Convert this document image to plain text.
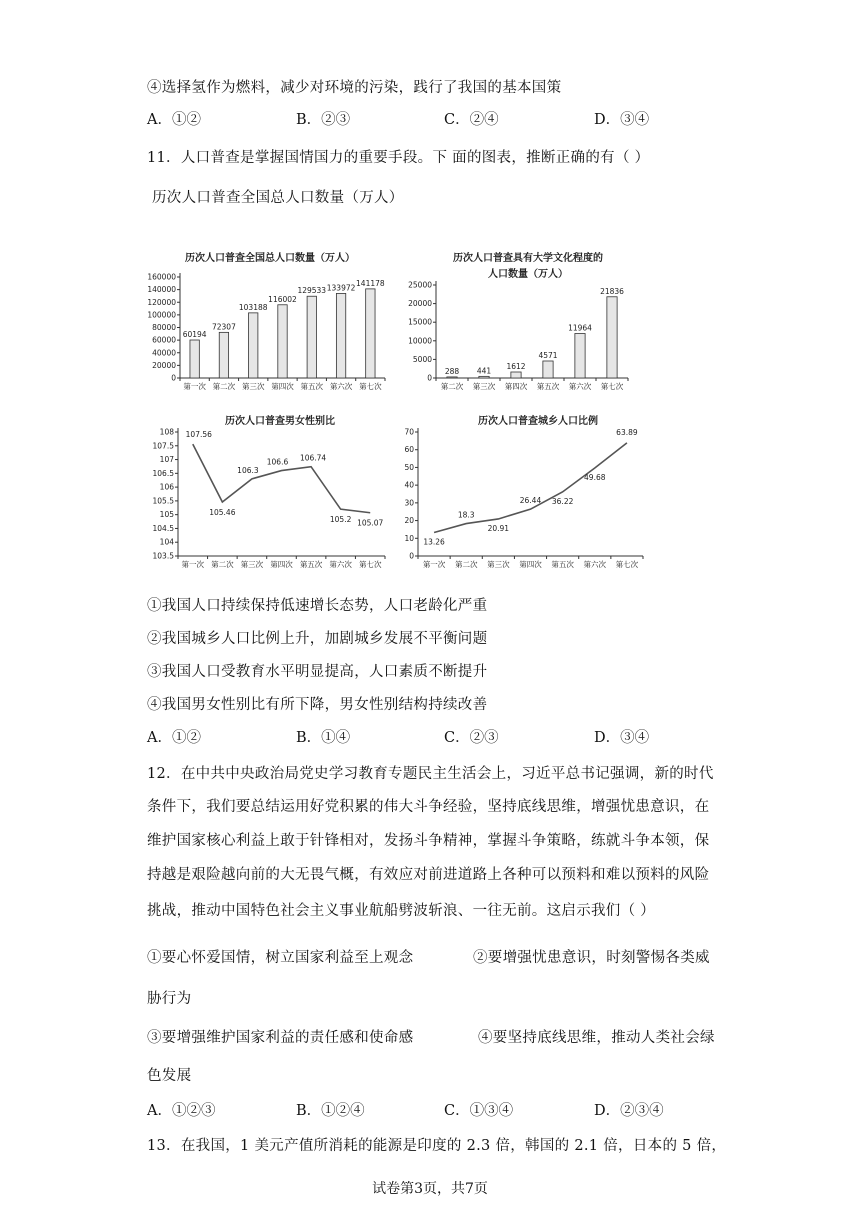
④选择氢作为燃料，减少对环境的污染，践行了我国的基本国策
A．①②	B．②③	C．②④	D．③④
11．人口普查是掌握国情国力的重要手段。下 面的图表，推断正确的有（ ）
历次人口普查全国总人口数量（万人）
历次人口普查全国总人口数量（万人）
0
20000
40000
60000
80000
100000
120000
140000
160000
第一次 第二次 第三次 第四次 第五次 第六次 第七次
60194
72307
103188
116002
129533 133972
141178
历次人口普查具有大学文化程度的
人口数量（万人）
0
5000
10000
15000
20000
25000
第二次 第三次 第四次 第五次 第六次 第七次
288 441 1612
4571
11964
21836
历次人口普查男女性别比
103.5
104
104.5
105
105.5
106
106.5
107
107.5
108
第一次 第二次 第三次 第四次 第五次 第六次 第七次
107.56
105.46
106.3
106.6 106.74
105.2 105.07
历次人口普查城乡人口比例
0
10
20
30
40
50
60
70
第一次 第二次 第三次 第四次 第五次 第六次 第七次
13.26
18.3
20.91
26.44 36.22
49.68
63.89
①我国人口持续保持低速增长态势，人口老龄化严重
②我国城乡人口比例上升，加剧城乡发展不平衡问题
③我国人口受教育水平明显提高，人口素质不断提升
④我国男女性别比有所下降，男女性别结构持续改善
A．①②	B．①④	C．②③	D．③④
12．在中共中央政治局党史学习教育专题民主生活会上，习近平总书记强调，新的时代
条件下，我们要总结运用好党积累的伟大斗争经验，坚持底线思维，增强忧患意识，在
维护国家核心利益上敢于针锋相对，发扬斗争精神，掌握斗争策略，练就斗争本领，保
持越是艰险越向前的大无畏气概，有效应对前进道路上各种可以预料和难以预料的风险
挑战，推动中国特色社会主义事业航船劈波斩浪、一往无前。这启示我们（ ）
①要心怀爱国情，树立国家利益至上观念	②要增强忧患意识，时刻警惕各类威
胁行为
③要增强维护国家利益的责任感和使命感	④要坚持底线思维，推动人类社会绿
色发展
A．①②③	B．①②④	C．①③④	D．②③④
13．在我国，1 美元产值所消耗的能源是印度的 2.3 倍，韩国的 2.1 倍，日本的 5 倍，
试卷第3页，共7页
